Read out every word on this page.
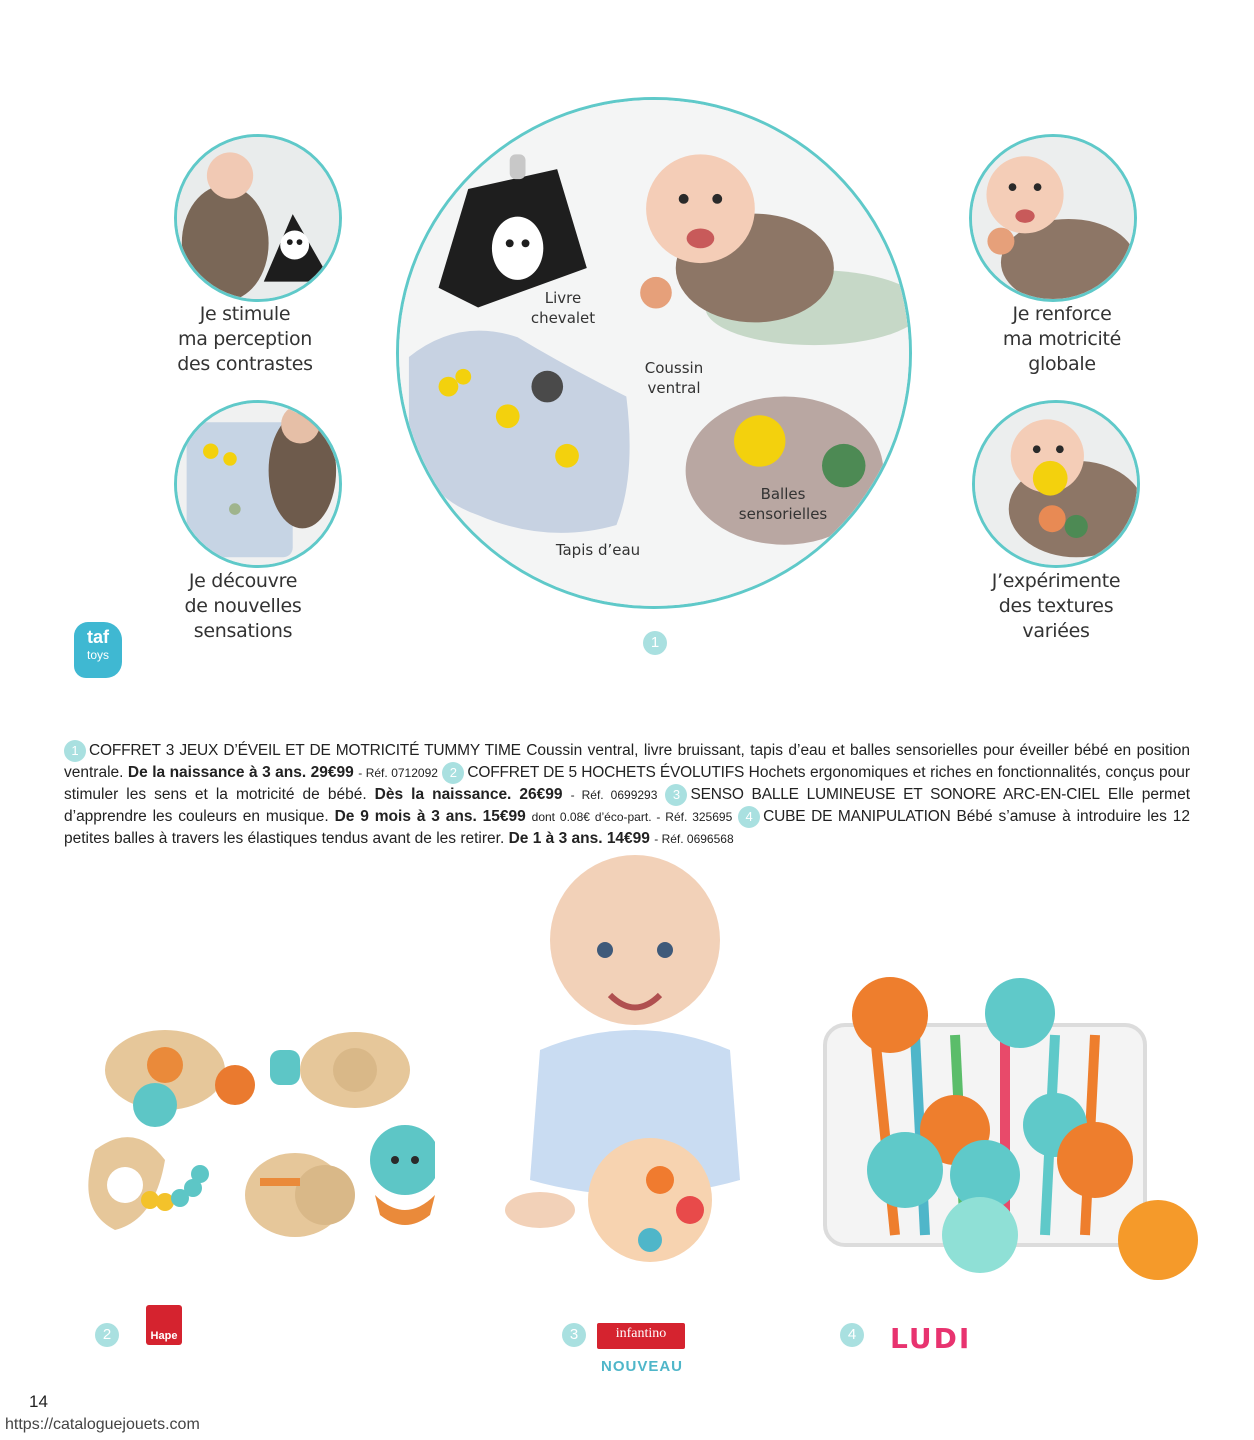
Je stimule
ma perception
des contrastes
Je découvre
de nouvelles
sensations
taf
toys
Livre
chevalet
Coussin
ventral
Balles
sensorielles
Tapis d’eau
1
Je renforce
ma motricité
globale
J’expérimente
des textures
variées
1 COFFRET 3 JEUX D’ÉVEIL ET DE MOTRICITÉ TUMMY TIME Coussin ventral, livre bruissant, tapis d’eau et balles sensorielles pour éveiller bébé en position ventrale. De la naissance à 3 ans. 29€99 - Réf. 0712092 2 COFFRET DE 5 HOCHETS ÉVOLUTIFS Hochets ergonomiques et riches en fonctionnalités, conçus pour stimuler les sens et la motricité de bébé. Dès la naissance. 26€99 - Réf. 0699293 3 SENSO BALLE LUMINEUSE ET SONORE ARC-EN-CIEL Elle permet d’apprendre les couleurs en musique. De 9 mois à 3 ans. 15€99 dont 0.08€ d’éco-part. - Réf. 325695 4 CUBE DE MANIPULATION Bébé s’amuse à introduire les 12 petites balles à travers les élastiques tendus avant de les retirer. De 1 à 3 ans. 14€99 - Réf. 0696568
2	Hape	3	infantino
NOUVEAU
4 LUDI
14
https://cataloguejouets.com
